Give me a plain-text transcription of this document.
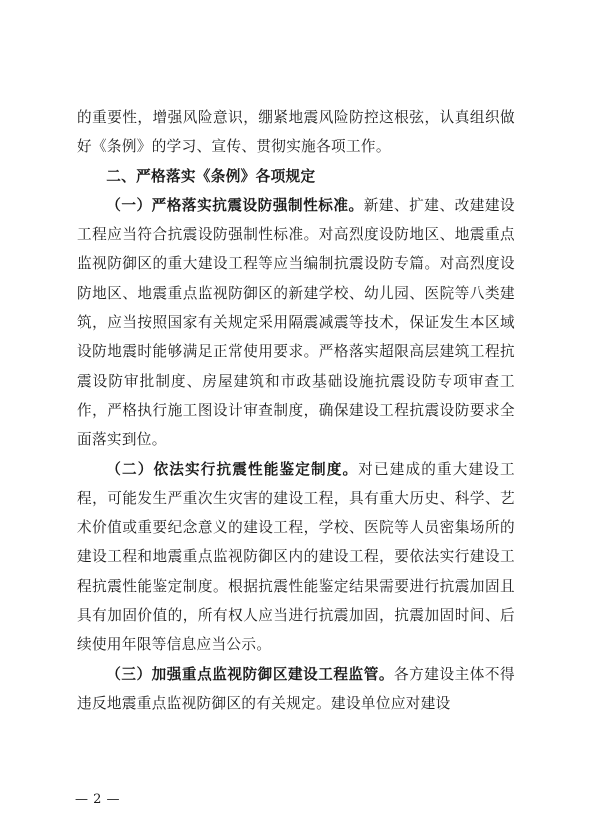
的重要性，增强风险意识，绷紧地震风险防控这根弦，认真组织做好《条例》的学习、宣传、贯彻实施各项工作。

二、严格落实《条例》各项规定

（一）严格落实抗震设防强制性标准。新建、扩建、改建建设工程应当符合抗震设防强制性标准。对高烈度设防地区、地震重点监视防御区的重大建设工程等应当编制抗震设防专篇。对高烈度设防地区、地震重点监视防御区的新建学校、幼儿园、医院等八类建筑，应当按照国家有关规定采用隔震减震等技术，保证发生本区域设防地震时能够满足正常使用要求。严格落实超限高层建筑工程抗震设防审批制度、房屋建筑和市政基础设施抗震设防专项审查工作，严格执行施工图设计审查制度，确保建设工程抗震设防要求全面落实到位。

（二）依法实行抗震性能鉴定制度。对已建成的重大建设工程，可能发生严重次生灾害的建设工程，具有重大历史、科学、艺术价值或重要纪念意义的建设工程，学校、医院等人员密集场所的建设工程和地震重点监视防御区内的建设工程，要依法实行建设工程抗震性能鉴定制度。根据抗震性能鉴定结果需要进行抗震加固且具有加固价值的，所有权人应当进行抗震加固，抗震加固时间、后续使用年限等信息应当公示。

（三）加强重点监视防御区建设工程监管。各方建设主体不得违反地震重点监视防御区的有关规定。建设单位应对建设

— 2 —
